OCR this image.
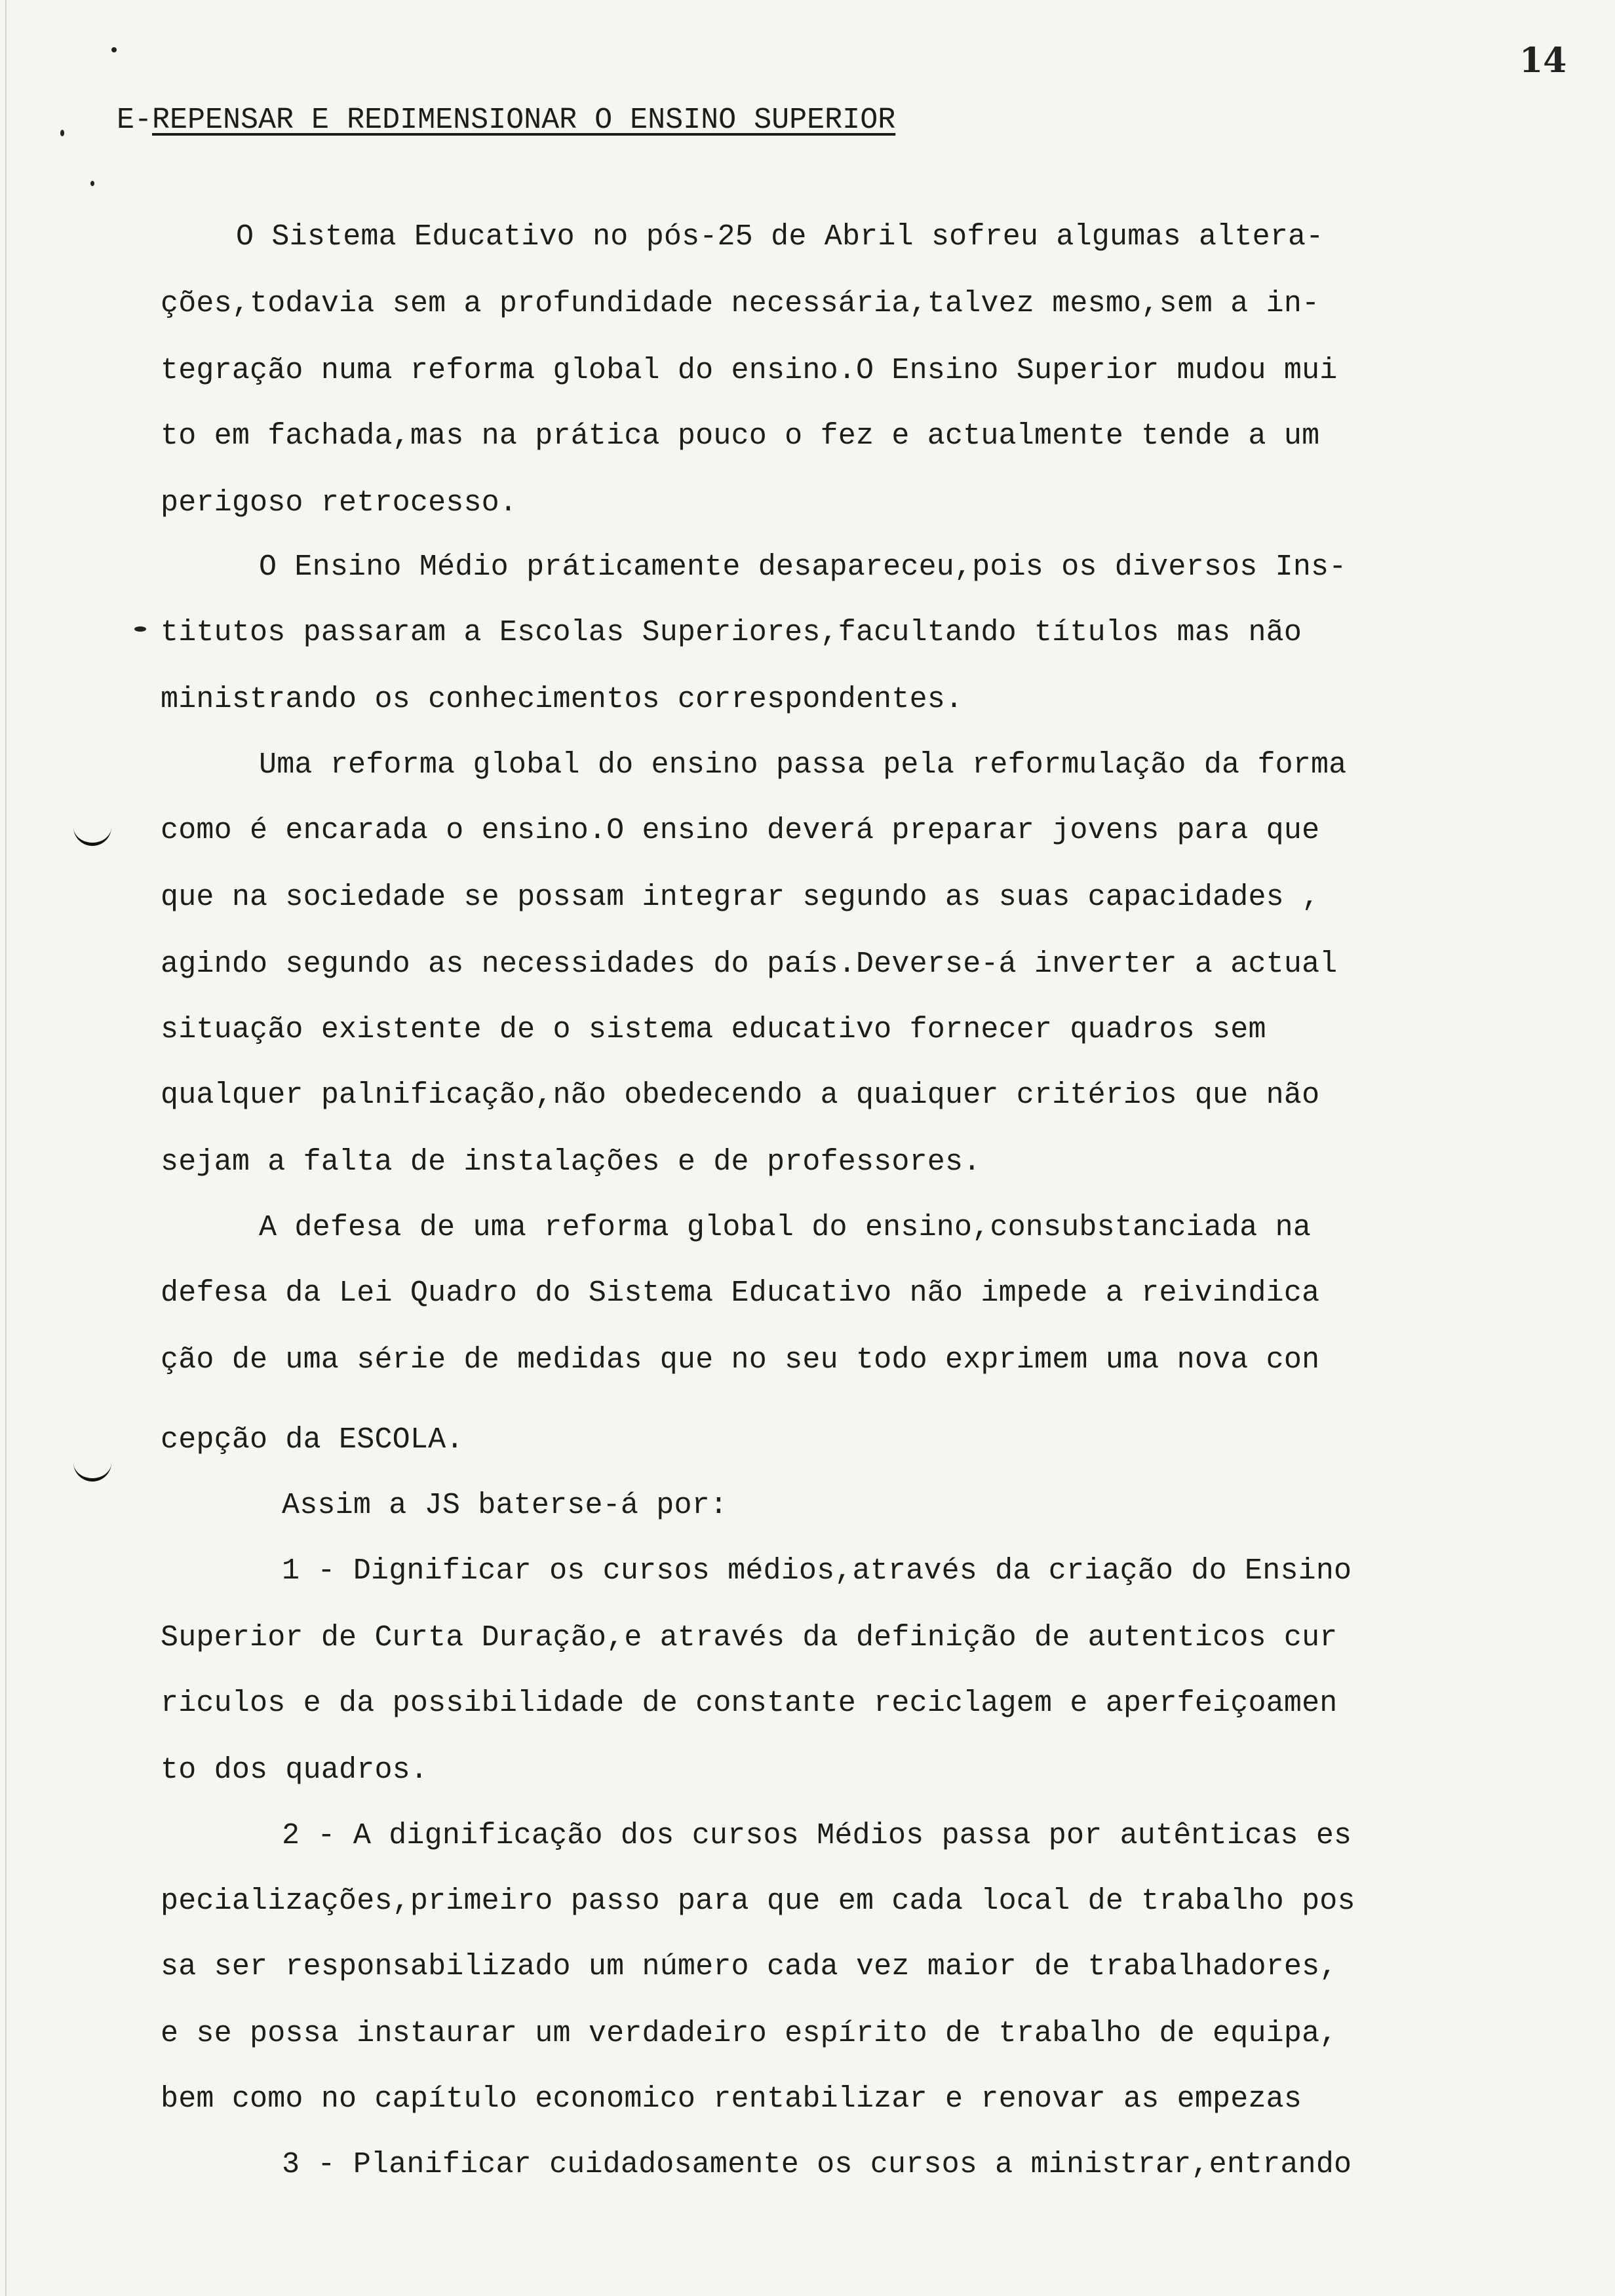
14
E-REPENSAR E REDIMENSIONAR O ENSINO SUPERIOR
O Sistema Educativo no pós-25 de Abril sofreu algumas altera-
ções,todavia sem a profundidade necessária,talvez mesmo,sem a in-
tegração numa reforma global do ensino.O Ensino Superior mudou mui
to em fachada,mas na prática pouco o fez e actualmente tende a um
perigoso retrocesso.
O Ensino Médio práticamente desapareceu,pois os diversos Ins-
titutos passaram a Escolas Superiores,facultando títulos mas não
ministrando os conhecimentos correspondentes.
Uma reforma global do ensino passa pela reformulação da forma
como é encarada o ensino.O ensino deverá preparar jovens para que
que na sociedade se possam integrar segundo as suas capacidades ,
agindo segundo as necessidades do país.Deverse-á inverter a actual
situação existente de o sistema educativo fornecer quadros sem
qualquer palnificação,não obedecendo a quaiquer critérios que não
sejam a falta de instalações e de professores.
A defesa de uma reforma global do ensino,consubstanciada na
defesa da Lei Quadro do Sistema Educativo não impede a reivindica
ção de uma série de medidas que no seu todo exprimem uma nova con
cepção da ESCOLA.
Assim a JS baterse-á por:
1 - Dignificar os cursos médios,através da criação do Ensino
Superior de Curta Duração,e através da definição de autenticos cur
riculos e da possibilidade de constante reciclagem e aperfeiçoamen
to dos quadros.
2 - A dignificação dos cursos Médios passa por autênticas es
pecializações,primeiro passo para que em cada local de trabalho pos
sa ser responsabilizado um número cada vez maior de trabalhadores,
e se possa instaurar um verdadeiro espírito de trabalho de equipa,
bem como no capítulo economico rentabilizar e renovar as empezas
3 - Planificar cuidadosamente os cursos a ministrar,entrando
